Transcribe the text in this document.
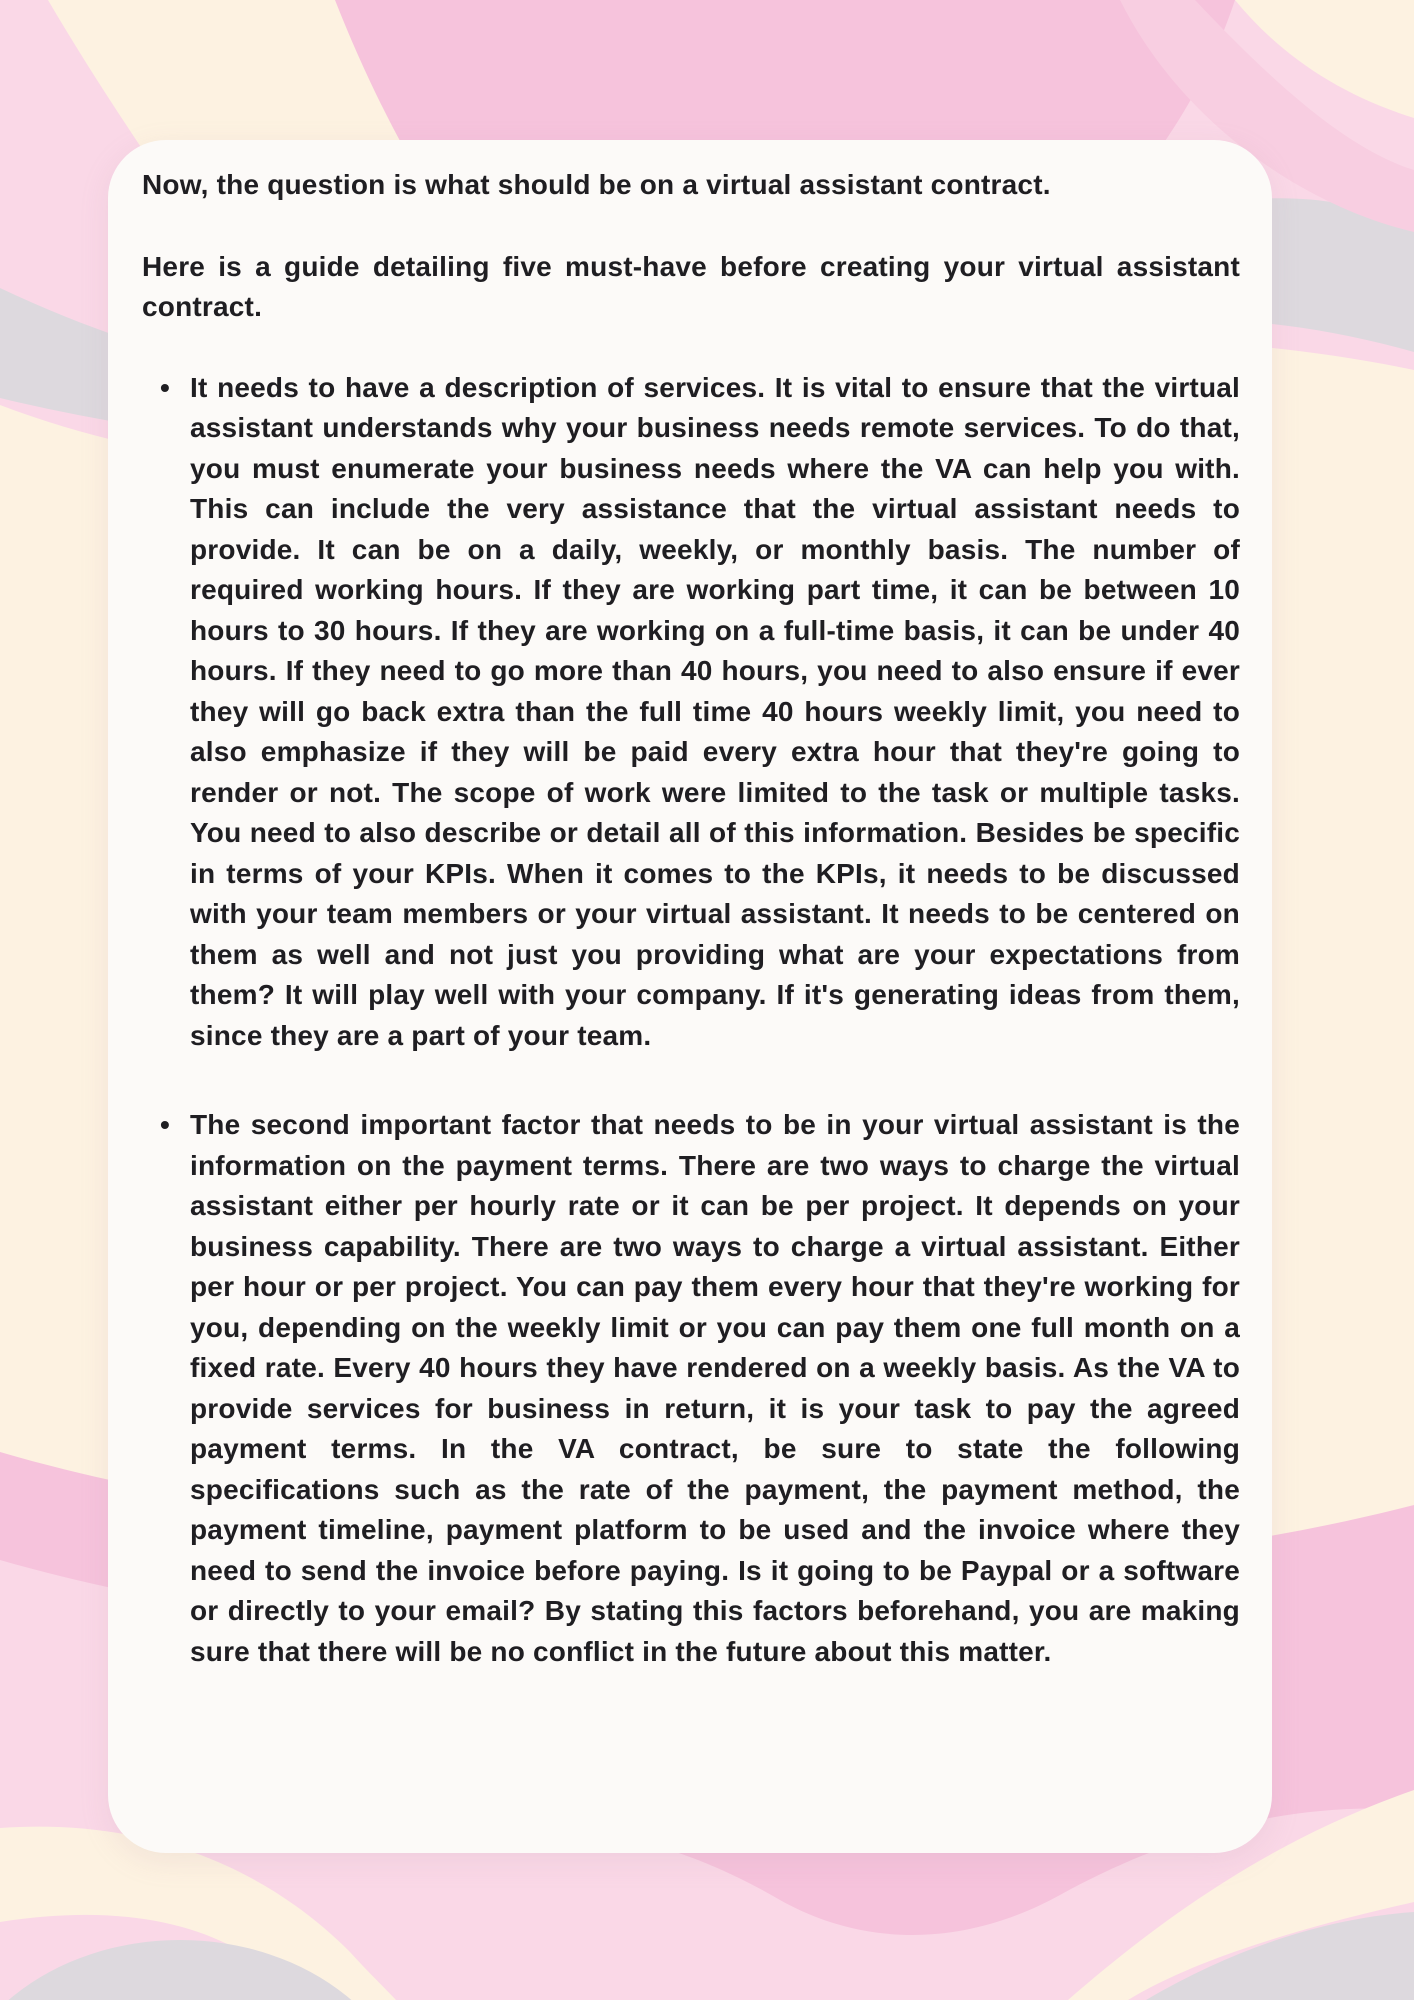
Now, the question is what should be on a virtual assistant contract.

Here is a guide detailing five must-have before creating your virtual assistant contract.

• It needs to have a description of services. It is vital to ensure that the virtual assistant understands why your business needs remote services. To do that, you must enumerate your business needs where the VA can help you with. This can include the very assistance that the virtual assistant needs to provide. It can be on a daily, weekly, or monthly basis. The number of required working hours. If they are working part time, it can be between 10 hours to 30 hours. If they are working on a full-time basis, it can be under 40 hours. If they need to go more than 40 hours, you need to also ensure if ever they will go back extra than the full time 40 hours weekly limit, you need to also emphasize if they will be paid every extra hour that they're going to render or not. The scope of work were limited to the task or multiple tasks. You need to also describe or detail all of this information. Besides be specific in terms of your KPIs. When it comes to the KPIs, it needs to be discussed with your team members or your virtual assistant. It needs to be centered on them as well and not just you providing what are your expectations from them? It will play well with your company. If it's generating ideas from them, since they are a part of your team.
• The second important factor that needs to be in your virtual assistant is the information on the payment terms. There are two ways to charge the virtual assistant either per hourly rate or it can be per project. It depends on your business capability. There are two ways to charge a virtual assistant. Either per hour or per project. You can pay them every hour that they're working for you, depending on the weekly limit or you can pay them one full month on a fixed rate. Every 40 hours they have rendered on a weekly basis. As the VA to provide services for business in return, it is your task to pay the agreed payment terms. In the VA contract, be sure to state the following specifications such as the rate of the payment, the payment method, the payment timeline, payment platform to be used and the invoice where they need to send the invoice before paying. Is it going to be Paypal or a software or directly to your email? By stating this factors beforehand, you are making sure that there will be no conflict in the future about this matter.
